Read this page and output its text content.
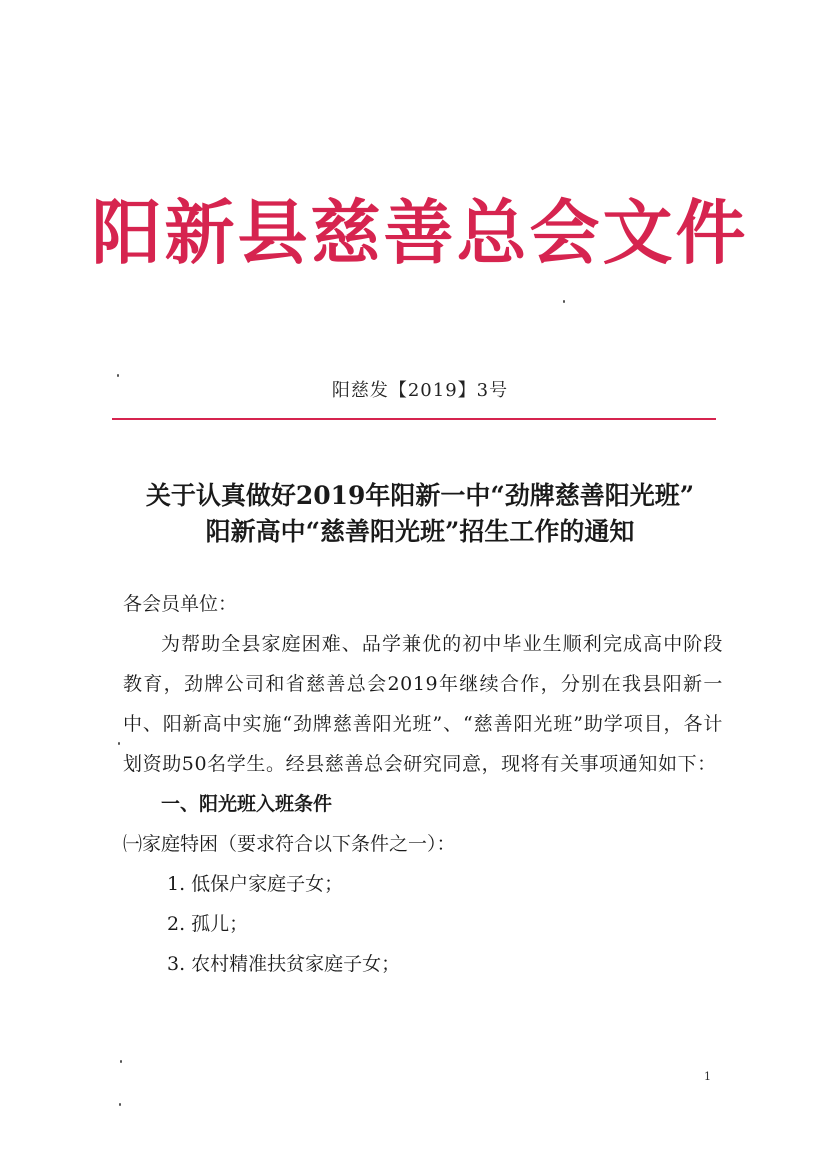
阳新县慈善总会文件
阳慈发【2019】3号
关于认真做好2019年阳新一中“劲牌慈善阳光班”
阳新高中“慈善阳光班”招生工作的通知

各会员单位：

为帮助全县家庭困难、品学兼优的初中毕业生顺利完成高中阶段教育，劲牌公司和省慈善总会2019年继续合作，分别在我县阳新一中、阳新高中实施“劲牌慈善阳光班”、“慈善阳光班”助学项目，各计划资助50名学生。经县慈善总会研究同意，现将有关事项通知如下：

一、阳光班入班条件

㈠家庭特困（要求符合以下条件之一）：

1. 低保户家庭子女；

2. 孤儿；

3. 农村精准扶贫家庭子女；

1
